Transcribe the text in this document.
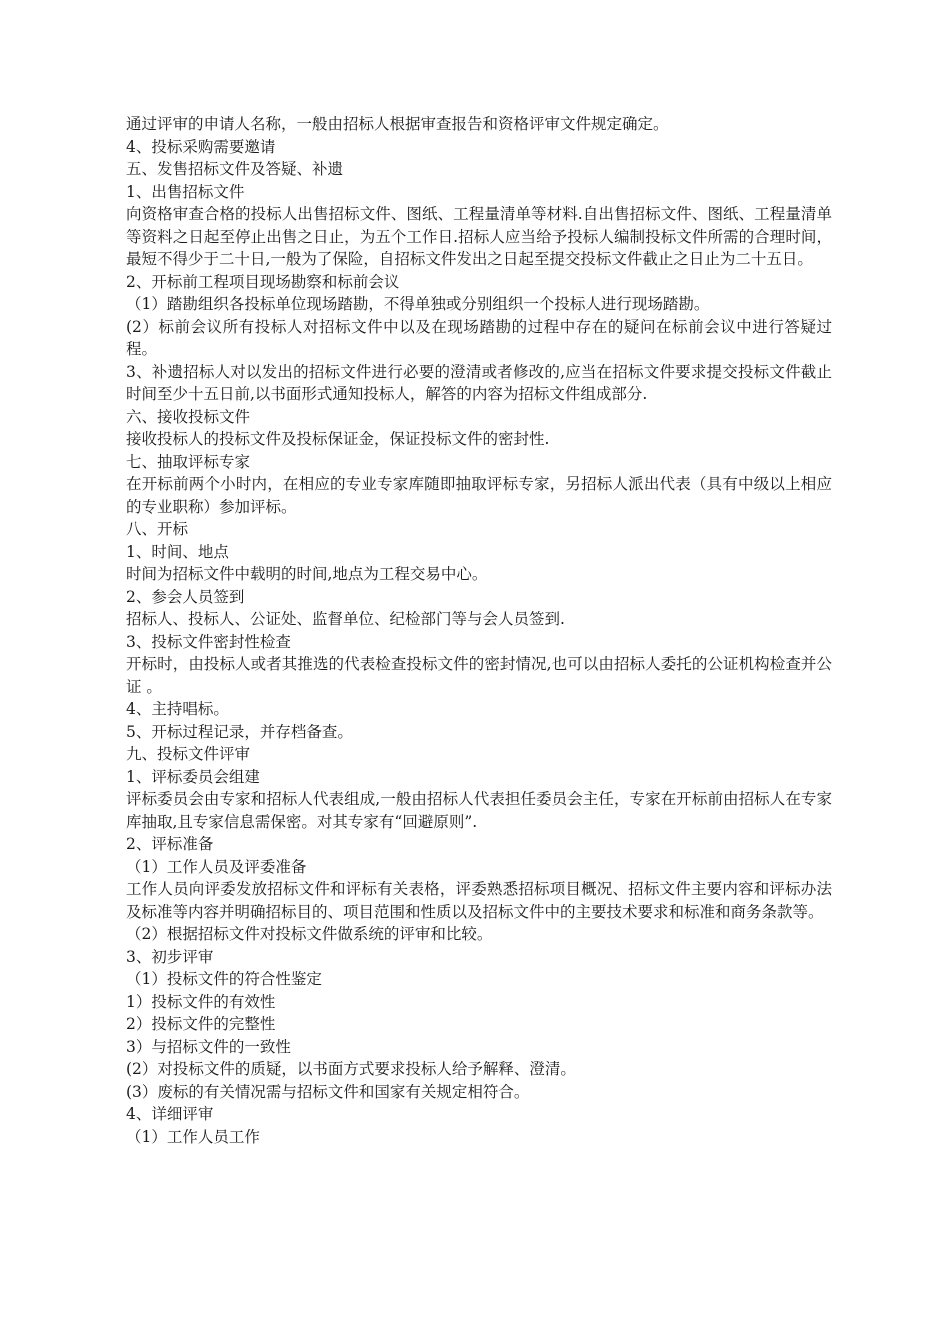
通过评审的申请人名称，一般由招标人根据审查报告和资格评审文件规定确定。

4、投标采购需要邀请

五、发售招标文件及答疑、补遗

1、出售招标文件

向资格审查合格的投标人出售招标文件、图纸、工程量清单等材料.自出售招标文件、图纸、工程量清单等资料之日起至停止出售之日止，为五个工作日.招标人应当给予投标人编制投标文件所需的合理时间，最短不得少于二十日,一般为了保险，自招标文件发出之日起至提交投标文件截止之日止为二十五日。

2、开标前工程项目现场勘察和标前会议

（1）踏勘组织各投标单位现场踏勘，不得单独或分别组织一个投标人进行现场踏勘。

(2）标前会议所有投标人对招标文件中以及在现场踏勘的过程中存在的疑问在标前会议中进行答疑过程。

3、补遗招标人对以发出的招标文件进行必要的澄清或者修改的,应当在招标文件要求提交投标文件截止时间至少十五日前,以书面形式通知投标人，解答的内容为招标文件组成部分.

六、接收投标文件

接收投标人的投标文件及投标保证金，保证投标文件的密封性.

七、抽取评标专家

在开标前两个小时内，在相应的专业专家库随即抽取评标专家，另招标人派出代表（具有中级以上相应的专业职称）参加评标。

八、开标

1、时间、地点

时间为招标文件中载明的时间,地点为工程交易中心。

2、参会人员签到

招标人、投标人、公证处、监督单位、纪检部门等与会人员签到.

3、投标文件密封性检查

开标时，由投标人或者其推选的代表检查投标文件的密封情况,也可以由招标人委托的公证机构检查并公证 。

4、主持唱标。

5、开标过程记录，并存档备查。

九、投标文件评审

1、评标委员会组建

评标委员会由专家和招标人代表组成,一般由招标人代表担任委员会主任，专家在开标前由招标人在专家库抽取,且专家信息需保密。对其专家有“回避原则”.

2、评标准备

（1）工作人员及评委准备

工作人员向评委发放招标文件和评标有关表格，评委熟悉招标项目概况、招标文件主要内容和评标办法及标准等内容并明确招标目的、项目范围和性质以及招标文件中的主要技术要求和标准和商务条款等。

（2）根据招标文件对投标文件做系统的评审和比较。

3、初步评审

（1）投标文件的符合性鉴定

1）投标文件的有效性

2）投标文件的完整性

3）与招标文件的一致性

(2）对投标文件的质疑，以书面方式要求投标人给予解释、澄清。

(3）废标的有关情况需与招标文件和国家有关规定相符合。

4、详细评审

（1）工作人员工作
